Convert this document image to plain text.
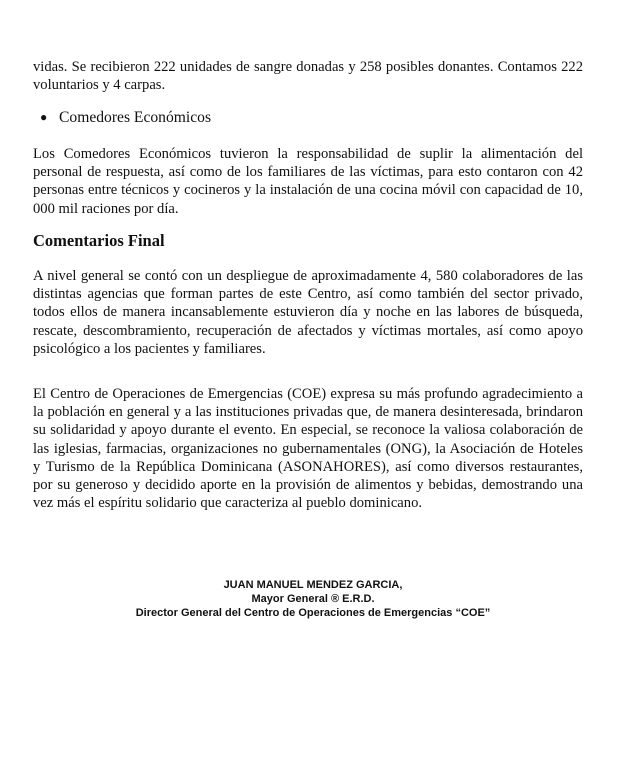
vidas. Se recibieron 222 unidades de sangre donadas y 258 posibles donantes. Contamos 222 voluntarios y 4 carpas.

● Comedores Económicos

Los Comedores Económicos tuvieron la responsabilidad de suplir la alimentación del personal de respuesta, así como de los familiares de las víctimas, para esto contaron con 42 personas entre técnicos y cocineros y la instalación de una cocina móvil con capacidad de 10, 000 mil raciones por día.

Comentarios Final

A nivel general se contó con un despliegue de aproximadamente 4, 580 colaboradores de las distintas agencias que forman partes de este Centro, así como también del sector privado, todos ellos de manera incansablemente estuvieron día y noche en las labores de búsqueda, rescate, descombramiento, recuperación de afectados y víctimas mortales, así como apoyo psicológico a los pacientes y familiares.

El Centro de Operaciones de Emergencias (COE) expresa su más profundo agradecimiento a la población en general y a las instituciones privadas que, de manera desinteresada, brindaron su solidaridad y apoyo durante el evento. En especial, se reconoce la valiosa colaboración de las iglesias, farmacias, organizaciones no gubernamentales (ONG), la Asociación de Hoteles y Turismo de la República Dominicana (ASONAHORES), así como diversos restaurantes, por su generoso y decidido aporte en la provisión de alimentos y bebidas, demostrando una vez más el espíritu solidario que caracteriza al pueblo dominicano.

JUAN MANUEL MENDEZ GARCIA,

Mayor General ® E.R.D.

Director General del Centro de Operaciones de Emergencias “COE”
